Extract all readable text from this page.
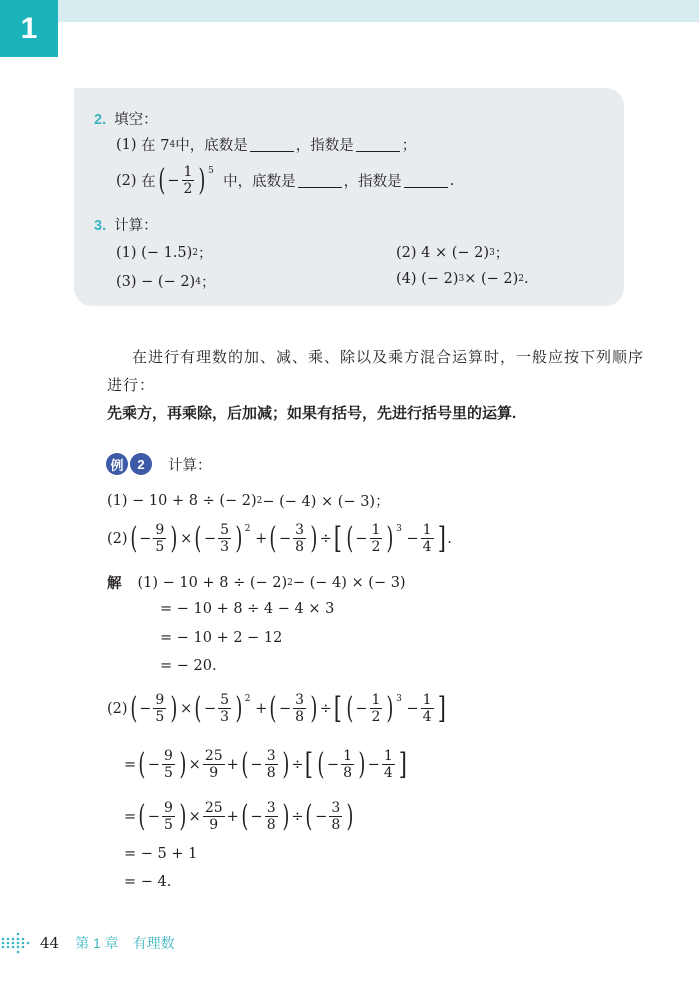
1
2. 填空：
(1)
在 7 4 中，底数是	，指数是	；
(2)
在 ( − $\frac{1}{2}$ ) $^5$

中，底数是	，指数是	.
3. 计算：
(1)
(− 1.5) 2 ；	(2)
4 × (− 2) 3 ；
(3)
− (− 2) 4 ；	(4)
(− 2) 3 × (− 2) 2 .
在进行有理数的加、减、乘、除以及乘方混合运算时，一般应按下列顺序
进行：
先乘方，再乘除，后加减；如果有括号，先进行括号里的运算.
例	2	计算：
(1)
− 10 + 8 ÷ (− 2) 2 − (− 4) × (− 3)；
(2) ( − $\frac{9}{5}$ ) × ( − $\frac{5}{3}$ ) $^2$

+ ( − $\frac{3}{8}$ ) ÷ [ ( − $\frac{1}{2}$ ) $^3$

− $\frac{1}{4}$ ] .
解 (1)
− 10 + 8 ÷ (− 2) 2 − (− 4) × (− 3)
= − 10 + 8 ÷ 4 − 4 × 3
= − 10 + 2 − 12
= − 20.
(2) ( − $\frac{9}{5}$ ) × ( − $\frac{5}{3}$ ) $^2$

+ ( − $\frac{3}{8}$ ) ÷ [ ( − $\frac{1}{2}$ ) $^3$

− $\frac{1}{4}$ ]
= ( − $\frac{9}{5}$ ) × $\frac{25}{9}$ + ( − $\frac{3}{8}$ ) ÷ [ ( − $\frac{1}{8}$ ) − $\frac{1}{4}$ ]
= ( − $\frac{9}{5}$ ) × $\frac{25}{9}$ + ( − $\frac{3}{8}$ ) ÷ ( − $\frac{3}{8}$ )
= − 5 + 1
= − 4.
44 第 1 章　有理数
